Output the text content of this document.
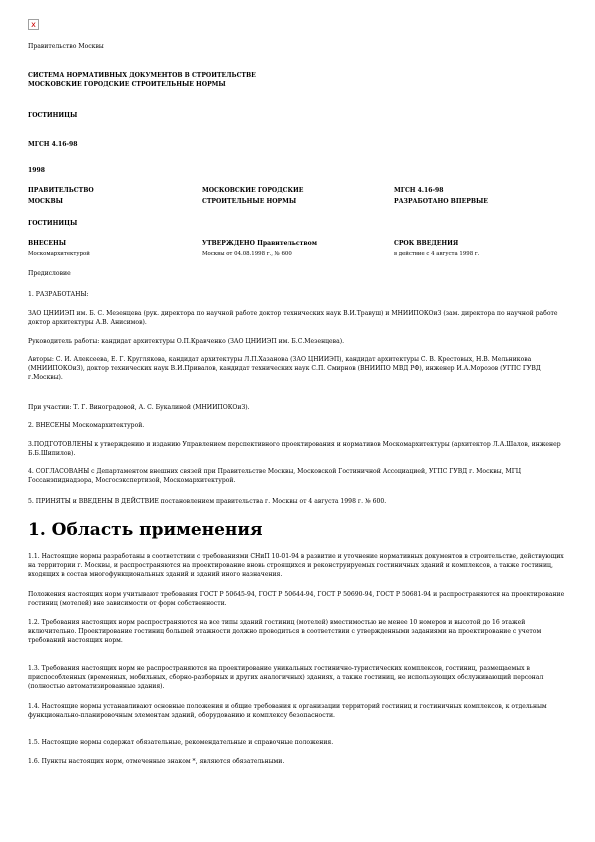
x
Правительство Москвы
СИСТЕМА НОРМАТИВНЫХ ДОКУМЕНТОВ В СТРОИТЕЛЬСТВЕ
МОСКОВСКИЕ ГОРОДСКИЕ СТРОИТЕЛЬНЫЕ НОРМЫ
ГОСТИНИЦЫ
МГСН 4.16-98
1998
ПРАВИТЕЛЬСТВО
МОСКВЫ
МОСКОВСКИЕ ГОРОДСКИЕ
СТРОИТЕЛЬНЫЕ НОРМЫ
МГСН 4.16-98
РАЗРАБОТАНО ВПЕРВЫЕ
ГОСТИНИЦЫ
ВНЕСЕНЫ
Москомархитектурой
УТВЕРЖДЕНО Правительством
Москвы от 04.08.1998 г., № 600
СРОК ВВЕДЕНИЯ
в действие с 4 августа 1998 г.
Предисловие
1. РАЗРАБОТАНЫ:
ЗАО ЦНИИЭП им. Б. С. Мезенцева (рук. директора по научной работе доктор технических наук В.И.Травуш) и МНИИПОКОиЗ (зам. директора по научной работе доктор архитектуры А.В. Анисимов).
Руководитель работы: кандидат архитектуры О.П.Кравченко (ЗАО ЦНИИЭП им. Б.С.Мезенцева).
Авторы: С. И. Алексеева, Е. Г. Круглякова, кандидат архитектуры Л.П.Хазанова (ЗАО ЦНИИЭП), кандидат архитектуры С. В. Крестовых, Н.В. Мельникова (МНИИПОКОиЗ), доктор технических наук В.И.Привалов, кандидат технических наук С.П. Смирнов (ВНИИПО МВД РФ), инженер И.А.Морозов (УГПС ГУВД г.Москвы).
При участии: Т. Г. Виноградовой, А. С. Букалиной (МНИИПОКОиЗ).
2. ВНЕСЕНЫ Москомархитектурой.
3.ПОДГОТОВЛЕНЫ к утверждению и изданию Управлением перспективного проектирования и нормативов Москомархитектуры (архитектор Л.А.Шалов, инженер Б.Б.Шипилов).
4. СОГЛАСОВАНЫ с Департаментом внешних связей при Правительстве Москвы, Московской Гостиничной Ассоциацией, УГПС ГУВД г. Москвы, МГЦ Госсанэпиднадзора, Мосгосэкспертизой, Москомархитектурой.
5. ПРИНЯТЫ и ВВЕДЕНЫ В ДЕЙСТВИЕ постановлением правительства г. Москвы от 4 августа 1998 г. № 600.
1. Область применения
1.1. Настоящие нормы разработаны в соответствии с требованиями СНиП 10-01-94 в развитие и уточнение нормативных документов в строительстве, действующих на территории г. Москвы, и распространяются на проектирование вновь строящихся и реконструируемых гостиничных зданий и комплексов, а также гостиниц, входящих в состав многофункциональных зданий и зданий иного назначения.
Положения настоящих норм учитывают требования ГОСТ Р 50645-94, ГОСТ Р 50644-94, ГОСТ Р 50690-94, ГОСТ Р 50681-94 и распространяются на проектирование гостиниц (мотелей) вне зависимости от форм собственности.
1.2. Требования настоящих норм распространяются на все типы зданий гостиниц (мотелей) вместимостью не менее 10 номеров и высотой до 16 этажей включительно. Проектирование гостиниц большей этажности должно проводиться в соответствии с утвержденными заданиями на проектирование с учетом требований настоящих норм.
1.3. Требования настоящих норм не распространяются на проектирование уникальных гостинично-туристических комплексов, гостиниц, размещаемых в приспособленных (временных, мобильных, сборно-разборных и других аналогичных) зданиях, а также гостиниц, не использующих обслуживающий персонал (полностью автоматизированные здания).
1.4. Настоящие нормы устанавливают основные положения и общие требования к организации территорий гостиниц и гостиничных комплексов, к отдельным функционально-планировочным элементам зданий, оборудованию и комплексу безопасности.
1.5. Настоящие нормы содержат обязательные, рекомендательные и справочные положения.
1.6. Пункты настоящих норм, отмеченные знаком *, являются обязательными.
